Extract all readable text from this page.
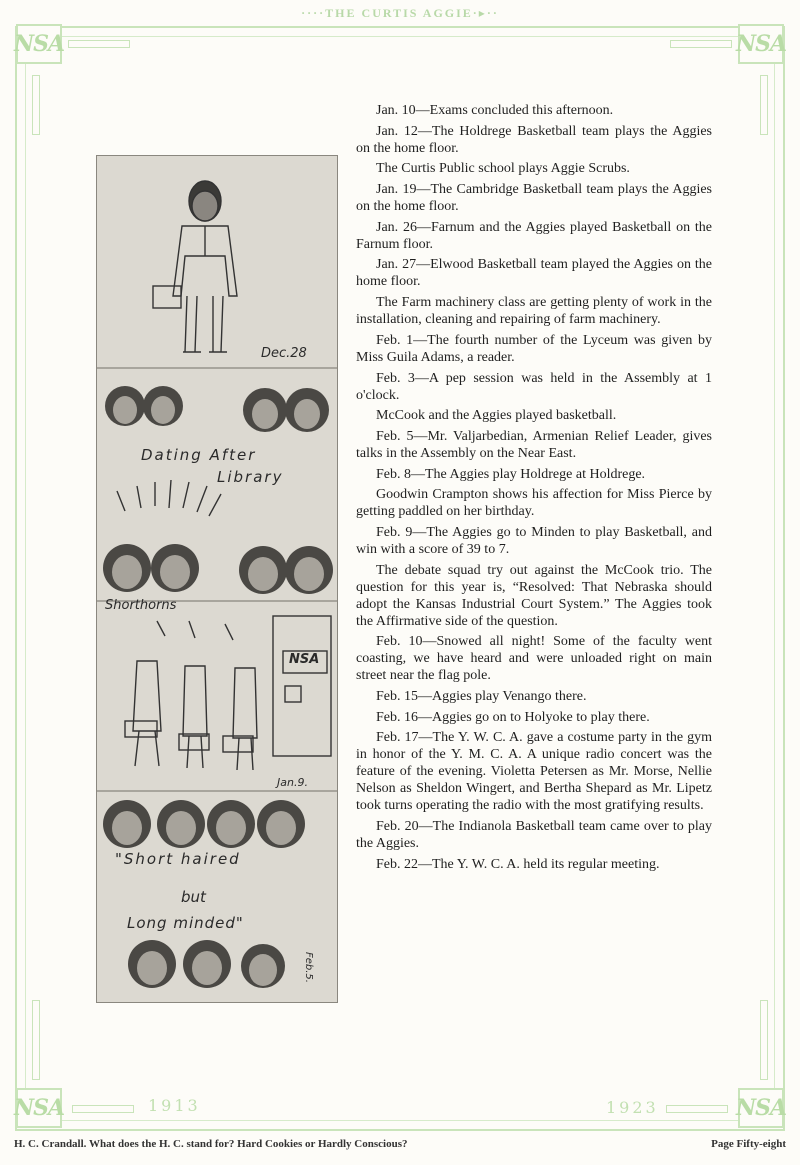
····THE CURTIS AGGIE·▸··
NSA	NSA
NSA	NSA
1913	1923
Dec.28
Dating After
Library
Shorthorns
NSA
Jan.9.
"Short haired
but
Long minded"
Feb.5.

Jan. 10—Exams concluded this afternoon.

Jan. 12—The Holdrege Basketball team plays the Aggies on the home floor.

The Curtis Public school plays Aggie Scrubs.

Jan. 19—The Cambridge Basketball team plays the Aggies on the home floor.

Jan. 26—Farnum and the Aggies played Basketball on the Farnum floor.

Jan. 27—Elwood Basketball team played the Aggies on the home floor.

The Farm machinery class are getting plenty of work in the installation, cleaning and repairing of farm machinery.

Feb. 1—The fourth number of the Lyceum was given by Miss Guila Adams, a reader.

Feb. 3—A pep session was held in the Assembly at 1 o'clock.

McCook and the Aggies played basketball.

Feb. 5—Mr. Valjarbedian, Armenian Relief Leader, gives talks in the Assembly on the Near East.

Feb. 8—The Aggies play Holdrege at Holdrege.

Goodwin Crampton shows his affection for Miss Pierce by getting paddled on her birthday.

Feb. 9—The Aggies go to Minden to play Basketball, and win with a score of 39 to 7.

The debate squad try out against the McCook trio. The question for this year is, “Resolved: That Nebraska should adopt the Kansas Industrial Court System.” The Aggies took the Affirmative side of the question.

Feb. 10—Snowed all night! Some of the faculty went coasting, we have heard and were unloaded right on main street near the flag pole.

Feb. 15—Aggies play Venango there.

Feb. 16—Aggies go on to Holyoke to play there.

Feb. 17—The Y. W. C. A. gave a costume party in the gym in honor of the Y. M. C. A. A unique radio concert was the feature of the evening. Violetta Petersen as Mr. Morse, Nellie Nelson as Sheldon Wingert, and Bertha Shepard as Mr. Lipetz took turns operating the radio with the most gratifying results.

Feb. 20—The Indianola Basketball team came over to play the Aggies.

Feb. 22—The Y. W. C. A. held its regular meeting.

H. C. Crandall. What does the H. C. stand for? Hard Cookies or Hardly Conscious?	Page Fifty-eight
